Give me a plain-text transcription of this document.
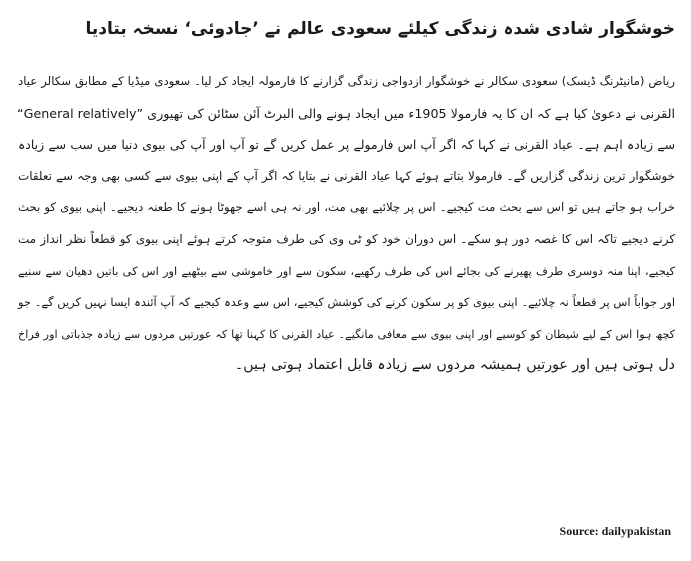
خوشگوار شادی شدہ زندگی کیلئے سعودی عالم نے ’جادوئی‘ نسخہ بتادیا
ریاض (مانیٹرنگ ڈیسک) سعودی سکالر نے خوشگوار ازدواجی زندگی گزارنے کا فارمولہ ایجاد کر لیا۔ سعودی میڈیا کے مطابق سکالر عیاد
القرنی نے دعویٰ کیا ہے کہ ان کا یہ فارمولا 1905ء میں ایجاد ہونے والی البرٹ آئن سٹائن کی تھیوری ”General relatively“
سے زیادہ اہم ہے۔ عیاد القرنی نے کہا کہ اگر آپ اس فارمولے پر عمل کریں گے تو آپ اور آپ کی بیوی دنیا میں سب سے زیادہ
خوشگوار ترین زندگی گزاریں گے۔ فارمولا بتاتے ہوئے کہا عیاد القرنی نے بتایا کہ اگر آپ کے اپنی بیوی سے کسی بھی وجہ سے تعلقات
خراب ہو جاتے ہیں تو اس سے بحث مت کیجیے۔ اس پر چلائیے بھی مت، اور نہ ہی اسے جھوٹا ہونے کا طعنہ دیجیے۔ اپنی بیوی کو بحث
کرنے دیجیے تاکہ اس کا غصہ دور ہو سکے۔ اس دوران خود کو ٹی وی کی طرف متوجہ کرتے ہوئے اپنی بیوی کو قطعاً نظر انداز مت
کیجیے، اپنا منہ دوسری طرف پھیرنے کی بجائے اس کی طرف رکھیے، سکون سے اور خاموشی سے بیٹھیے اور اس کی باتیں دھیان سے سنیے
اور جواباً اس پر قطعاً نہ چلائیے۔ اپنی بیوی کو پر سکون کرنے کی کوشش کیجیے، اس سے وعدہ کیجیے کہ آپ آئندہ ایسا نہیں کریں گے۔ جو
کچھ ہوا اس کے لیے شیطان کو کوسیے اور اپنی بیوی سے معافی مانگیے۔ عیاد القرنی کا کہنا تھا کہ عورتیں مردوں سے زیادہ جذباتی اور فراخ
دل ہوتی ہیں اور عورتیں ہمیشہ مردوں سے زیادہ قابل اعتماد ہوتی ہیں۔
Source: dailypakistan
